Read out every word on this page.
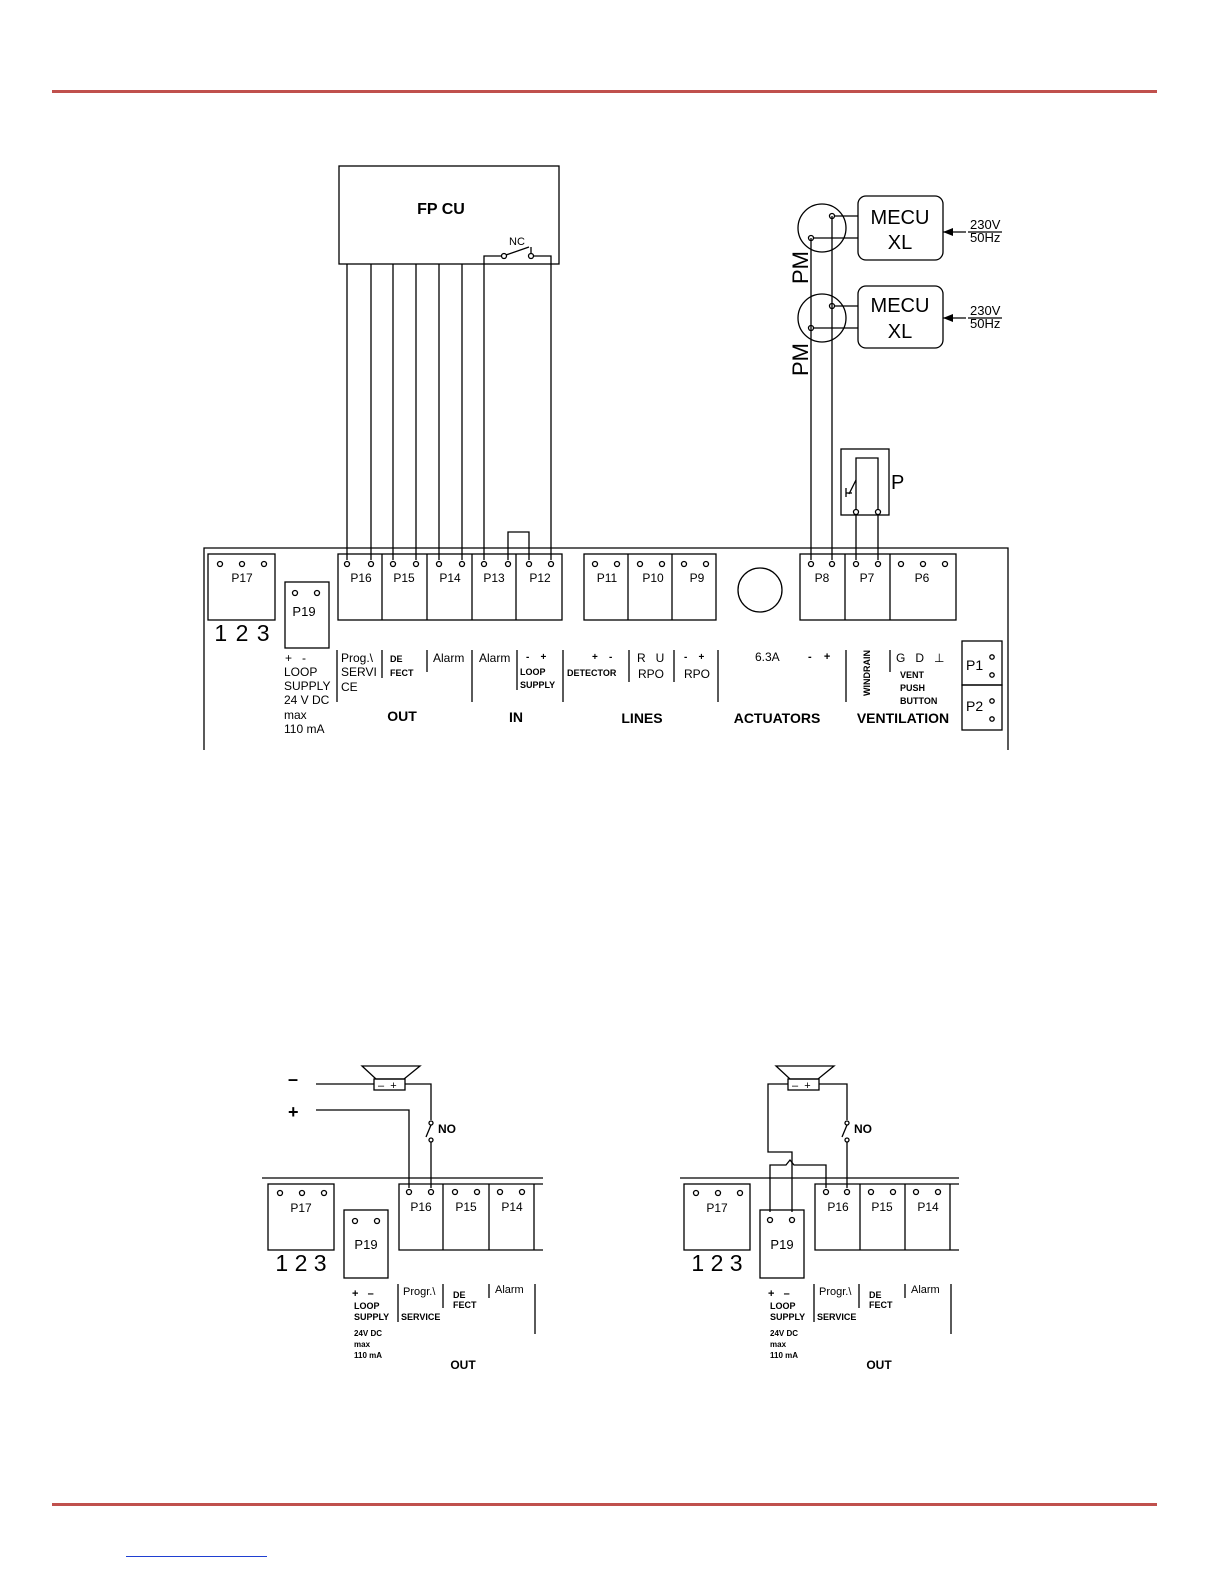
FP CU
NC
MECU
XL
230V
50Hz
MECU
XL
230V
50Hz
PM
PM
P
P17
1 2 3
P19
P16 P15 P14 P13 P12	P11 P10 P9	P8	P7	P6
P1
P2
+   -
LOOP
SUPPLY
24 V DC
max
110 mA
Prog.\
SERVI
CE
DE
FECT
Alarm Alarm -    +
LOOP
SUPPLY
+    -
DETECTOR
R   U
RPO
-    +
RPO
6.3A	-    +	WINDRAIN G   D   ⊥
VENT
PUSH
BUTTON
OUT	IN	LINES	ACTUATORS	VENTILATION
–
+
–  +
NO
P17
1 2 3
P19
P16 P15 P14
+   –
LOOP
SUPPLY
24V DC
max
110 mA
Progr.\
SERVICE
DE
FECT
Alarm
OUT
–  +
NO
P17
1 2 3
P19
P16 P15 P14
+   –
LOOP
SUPPLY
24V DC
max
110 mA
Progr.\
SERVICE
DE
FECT
Alarm
OUT
